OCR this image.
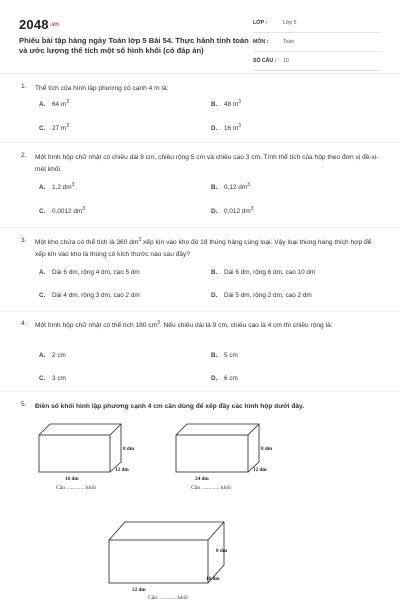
$2048^{.vn}$
Phiếu bài tập hàng ngày Toán lớp 5 Bài 54. Thực hành tính toán và ước lượng thể tích một số hình khối (có đáp án)
LỚP :	Lớp 5
MÔN :	Toán
SỐ CÂU : 10
1. Thể tích của hình lập phương có cạnh 4 m là:
A. 64 $m^3$	B. 48 $m^3$
C. 27 $m^3$	D. 16 $m^3$
2. Một hình hộp chữ nhật có chiều dài 8 cm, chiều rộng 5 cm và chiều cao 3 cm. Tính thể tích của hộp theo đơn vị đề-xi-mét khối.
A. 1,2 $dm^3$	B. 0,12 $dm^3$
C. 0,0012 $dm^3$	D. 0,012 $dm^3$
3. Một kho chứa có thể tích là 360 $dm^3$ xếp kín vào kho đó 18 thùng hàng cùng loại. Vậy loại thùng hàng thích hợp để xếp kín vào kho là thùng có kích thước nào sau đây?
A. Dài 6 dm, rộng 4 dm, cao 5 dm	B. Dài 6 dm, rộng 6 dm, cao 10 dm
C. Dài 4 dm, rộng 3 dm, cao 2 dm	D. Dài 5 dm, rộng 2 dm, cao 2 dm
4. Một hình hộp chữ nhật có thể tích 180 $cm^3$. Nếu chiều dài là 9 cm, chiều cao là 4 cm thì chiều rộng là:
A. 2 cm	B. 5 cm
C. 3 cm	D. 6 cm
5. Điền số khối hình lập phương cạnh 4 cm cần dùng để xếp đầy các hình hộp dưới đây.
8 dm
12 dm
16 dm
Cần ............. khối
8 dm
12 dm
24 dm
Cần ............. khối
8 dm
16 dm
32 dm
Cần ............. khối
